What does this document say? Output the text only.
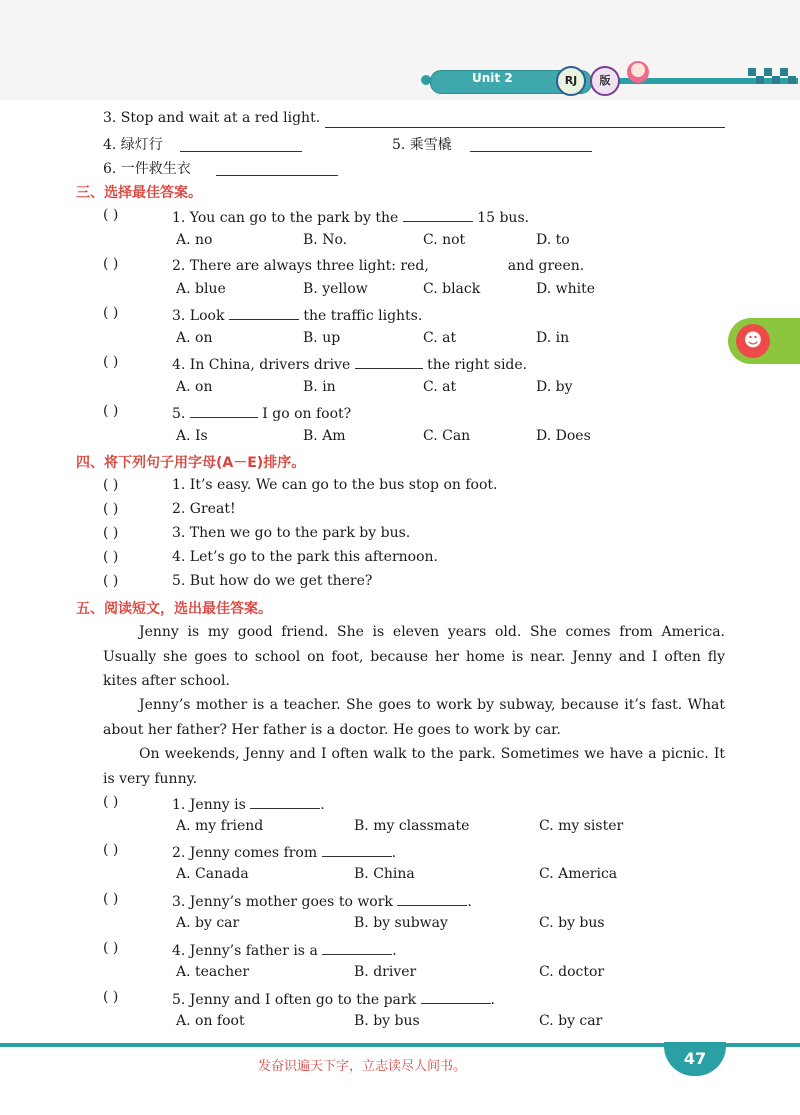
Unit 2	RJ	版
☻
3. Stop and wait at a red light.
4. 绿灯行	5. 乘雪橇
6. 一件救生衣
三、选择最佳答案。
( )	1. You can go to the park by the	15 bus.
A. no	B. No.	C. not	D. to
( )	2. There are always three light: red,	and green.
A. blue	B. yellow	C. black	D. white
( )	3. Look	the traffic lights.
A. on	B. up	C. at	D. in
( )	4. In China, drivers drive	the right side.
A. on	B. in	C. at	D. by
( )	5.	I go on foot?
A. Is	B. Am	C. Can	D. Does
四、将下列句子用字母(A－E)排序。
( )	1. It’s easy. We can go to the bus stop on foot.
( )	2. Great!
( )	3. Then we go to the park by bus.
( )	4. Let’s go to the park this afternoon.
( )	5. But how do we get there?
五、阅读短文，选出最佳答案。
Jenny is my good friend. She is eleven years old. She comes from America. Usually she goes to school on foot, because her home is near. Jenny and I often fly kites after school.
Jenny’s mother is a teacher. She goes to work by subway, because it’s fast. What about her father? Her father is a doctor. He goes to work by car.
On weekends, Jenny and I often walk to the park. Sometimes we have a picnic. It is very funny.
( )	1. Jenny is	.
A. my friend	B. my classmate	C. my sister
( )	2. Jenny comes from	.
A. Canada	B. China	C. America
( )	3. Jenny’s mother goes to work	.
A. by car	B. by subway	C. by bus
( )	4. Jenny’s father is a	.
A. teacher	B. driver	C. doctor
( )	5. Jenny and I often go to the park	.
A. on foot	B. by bus	C. by car
发奋识遍天下字，立志读尽人间书。	47
